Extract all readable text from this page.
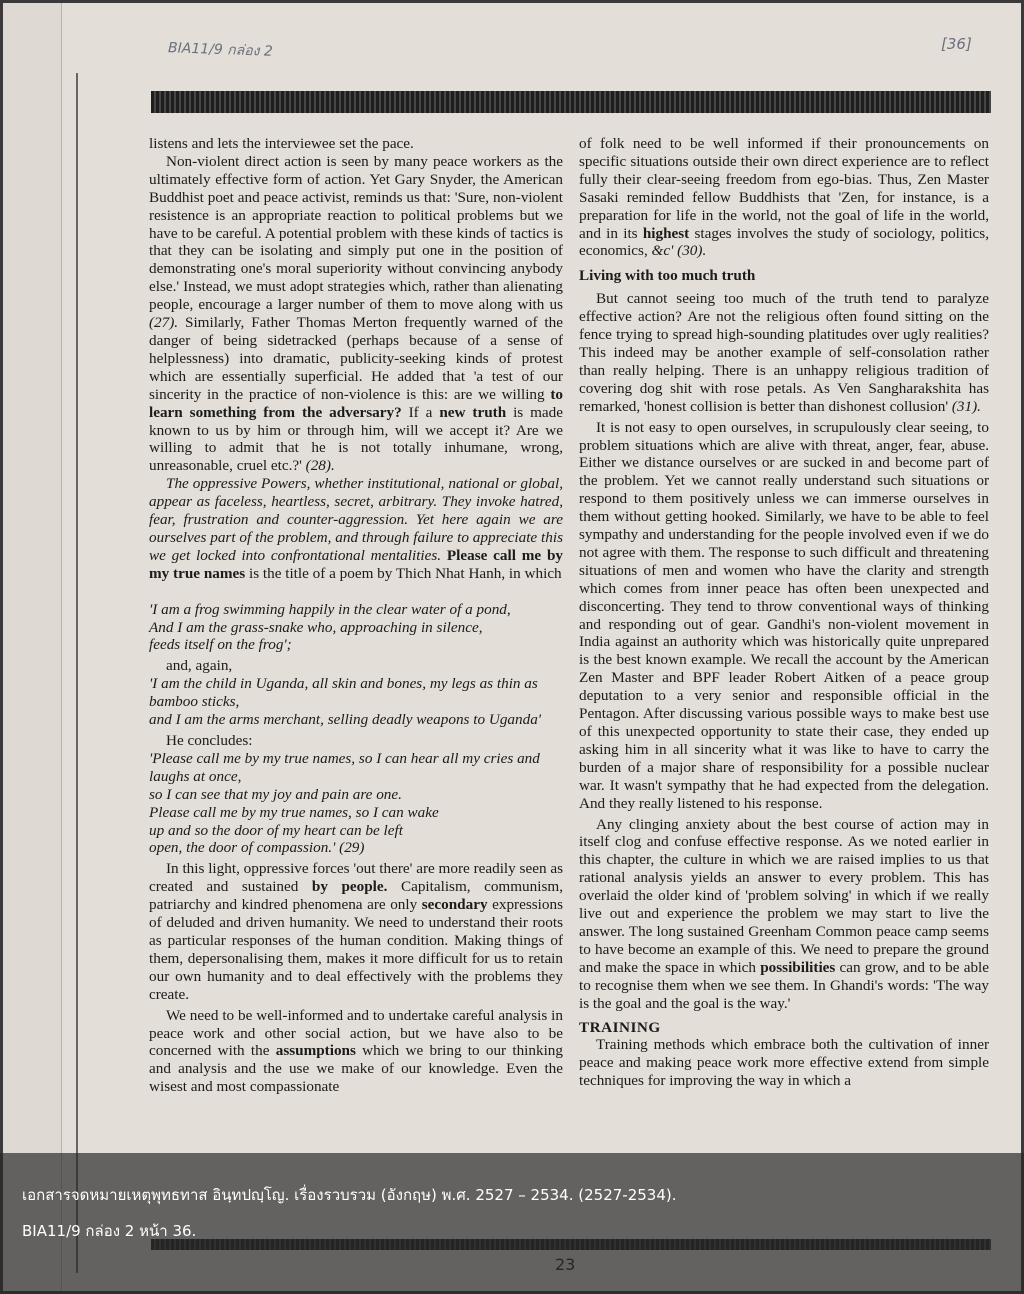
BIA11/9 กล่อง 2	[36]

listens and lets the interviewee set the pace.

Non-violent direct action is seen by many peace workers as the ultimately effective form of action. Yet Gary Snyder, the American Buddhist poet and peace activist, reminds us that: 'Sure, non-violent resistence is an appropriate reaction to political problems but we have to be careful. A potential problem with these kinds of tactics is that they can be isolating and simply put one in the position of demonstrating one's moral superiority without convincing anybody else.' Instead, we must adopt strategies which, rather than alienating people, encourage a larger number of them to move along with us (27). Similarly, Father Thomas Merton frequently warned of the danger of being sidetracked (perhaps because of a sense of helplessness) into dramatic, publicity-seeking kinds of protest which are essentially superficial. He added that 'a test of our sincerity in the practice of non-violence is this: are we willing to learn something from the adversary? If a new truth is made known to us by him or through him, will we accept it? Are we willing to admit that he is not totally inhumane, wrong, unreasonable, cruel etc.?' (28).

The oppressive Powers, whether institutional, national or global, appear as faceless, heartless, secret, arbitrary. They invoke hatred, fear, frustration and counter-aggression. Yet here again we are ourselves part of the problem, and through failure to appreciate this we get locked into confrontational mentalities. Please call me by my true names is the title of a poem by Thich Nhat Hanh, in which

'I am a frog swimming happily in the clear water of a pond,

And I am the grass-snake who, approaching in silence,

feeds itself on the frog';

and, again,

'I am the child in Uganda, all skin and bones, my legs as thin as bamboo sticks,

and I am the arms merchant, selling deadly weapons to Uganda'

He concludes:

'Please call me by my true names, so I can hear all my cries and laughs at once,

so I can see that my joy and pain are one.

Please call me by my true names, so I can wake

up and so the door of my heart can be left

open, the door of compassion.' (29)

In this light, oppressive forces 'out there' are more readily seen as created and sustained by people. Capitalism, communism, patriarchy and kindred phenomena are only secondary expressions of deluded and driven humanity. We need to understand their roots as particular responses of the human condition. Making things of them, depersonalising them, makes it more difficult for us to retain our own humanity and to deal effectively with the problems they create.

We need to be well-informed and to undertake careful analysis in peace work and other social action, but we have also to be concerned with the assumptions which we bring to our thinking and analysis and the use we make of our knowledge. Even the wisest and most compassionate

of folk need to be well informed if their pronouncements on specific situations outside their own direct experience are to reflect fully their clear-seeing freedom from ego-bias. Thus, Zen Master Sasaki reminded fellow Buddhists that 'Zen, for instance, is a preparation for life in the world, not the goal of life in the world, and in its highest stages involves the study of sociology, politics, economics, &c' (30).

Living with too much truth

But cannot seeing too much of the truth tend to paralyze effective action? Are not the religious often found sitting on the fence trying to spread high-sounding platitudes over ugly realities? This indeed may be another example of self-consolation rather than really helping. There is an unhappy religious tradition of covering dog shit with rose petals. As Ven Sangharakshita has remarked, 'honest collision is better than dishonest collusion' (31).

It is not easy to open ourselves, in scrupulously clear seeing, to problem situations which are alive with threat, anger, fear, abuse. Either we distance ourselves or are sucked in and become part of the problem. Yet we cannot really understand such situations or respond to them positively unless we can immerse ourselves in them without getting hooked. Similarly, we have to be able to feel sympathy and understanding for the people involved even if we do not agree with them. The response to such difficult and threatening situations of men and women who have the clarity and strength which comes from inner peace has often been unexpected and disconcerting. They tend to throw conventional ways of thinking and responding out of gear. Gandhi's non-violent movement in India against an authority which was historically quite unprepared is the best known example. We recall the account by the American Zen Master and BPF leader Robert Aitken of a peace group deputation to a very senior and responsible official in the Pentagon. After discussing various possible ways to make best use of this unexpected opportunity to state their case, they ended up asking him in all sincerity what it was like to have to carry the burden of a major share of responsibility for a possible nuclear war. It wasn't sympathy that he had expected from the delegation. And they really listened to his response.

Any clinging anxiety about the best course of action may in itself clog and confuse effective response. As we noted earlier in this chapter, the culture in which we are raised implies to us that rational analysis yields an answer to every problem. This has overlaid the older kind of 'problem solving' in which if we really live out and experience the problem we may start to live the answer. The long sustained Greenham Common peace camp seems to have become an example of this. We need to prepare the ground and make the space in which possibilities can grow, and to be able to recognise them when we see them. In Ghandi's words: 'The way is the goal and the goal is the way.'

TRAINING

Training methods which embrace both the cultivation of inner peace and making peace work more effective extend from simple techniques for improving the way in which a

เอกสารจดหมายเหตุพุทธทาส อินฺทปญฺโญ. เรื่องรวบรวม (อังกฤษ) พ.ศ. 2527 – 2534. (2527-2534).
BIA11/9 กล่อง 2 หน้า 36.
